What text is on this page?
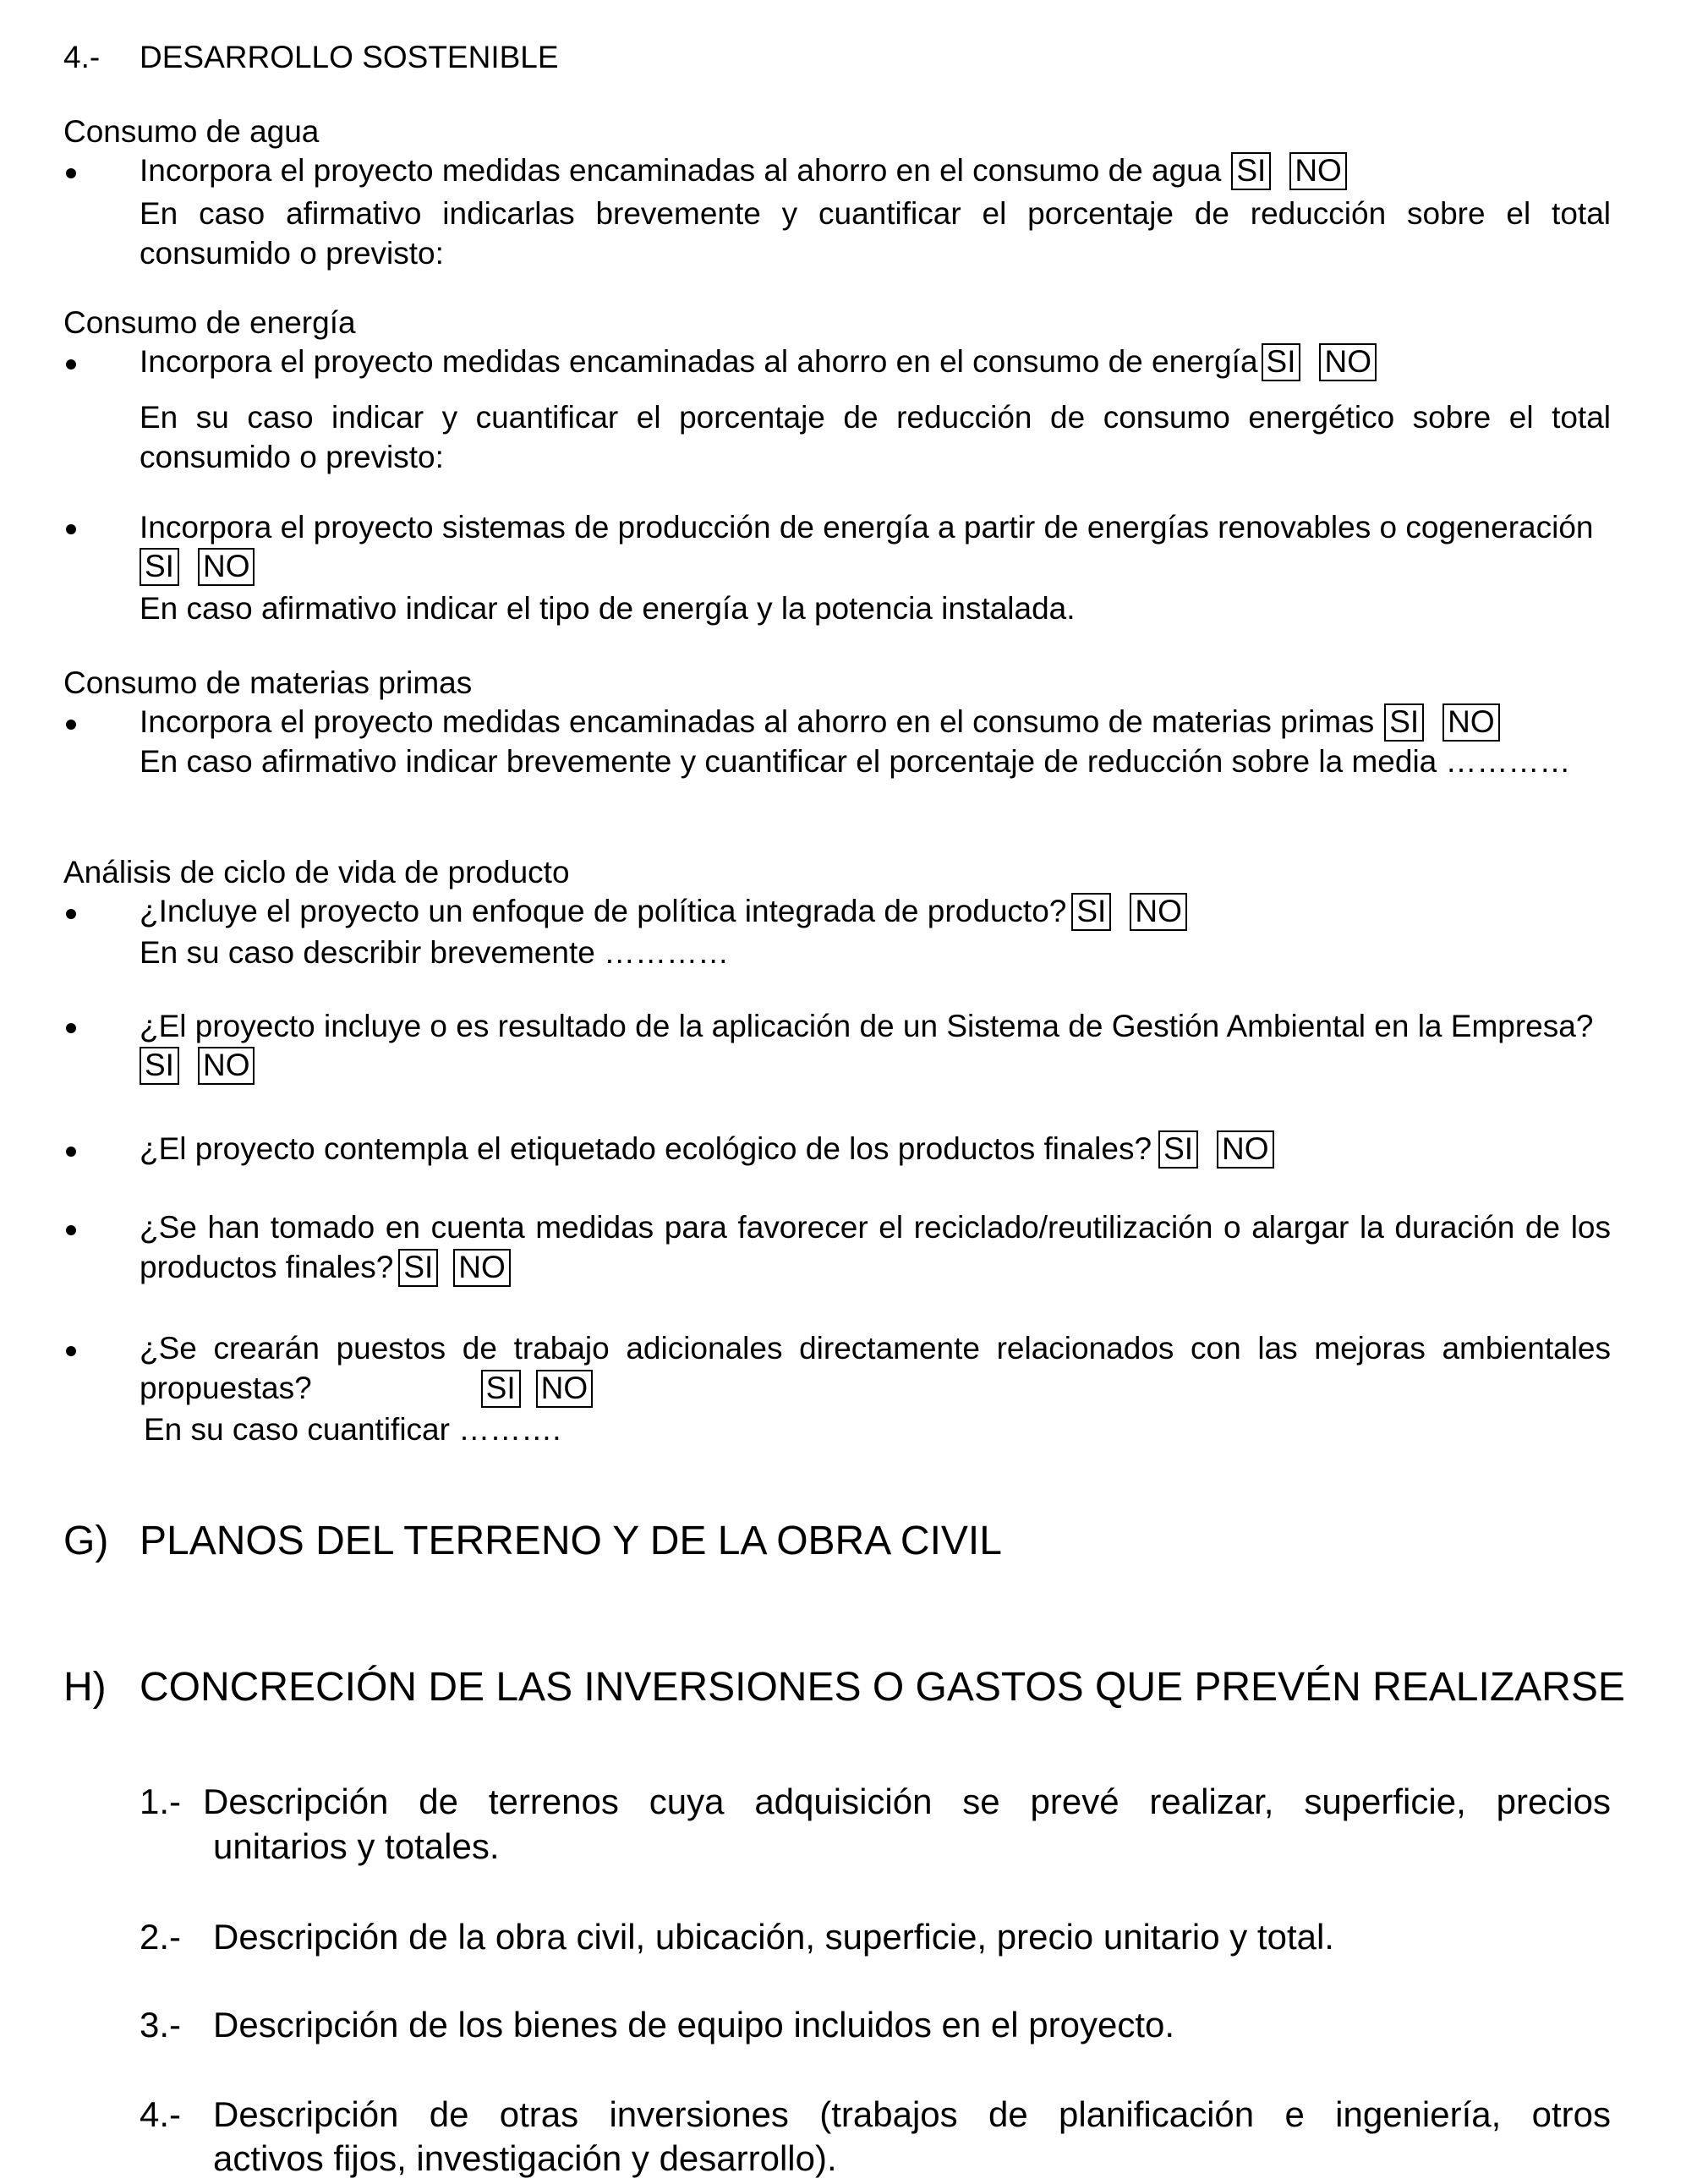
4.- DESARROLLO SOSTENIBLE
Consumo de agua
Incorpora el proyecto medidas encaminadas al ahorro en el consumo de agua SI NO
En caso afirmativo indicarlas brevemente y cuantificar el porcentaje de reducción sobre el total
consumido o previsto:
Consumo de energía
Incorpora el proyecto medidas encaminadas al ahorro en el consumo de energía SI NO
En su caso indicar y cuantificar el porcentaje de reducción de consumo energético sobre el total
consumido o previsto:
Incorpora el proyecto sistemas de producción de energía a partir de energías renovables o cogeneración
SI NO
En caso afirmativo indicar el tipo de energía y la potencia instalada.
Consumo de materias primas
Incorpora el proyecto medidas encaminadas al ahorro en el consumo de materias primas SI NO
En caso afirmativo indicar brevemente y cuantificar el porcentaje de reducción sobre la media …………
Análisis de ciclo de vida de producto
¿Incluye el proyecto un enfoque de política integrada de producto? SI NO
En su caso describir brevemente …………
¿El proyecto incluye o es resultado de la aplicación de un Sistema de Gestión Ambiental en la Empresa?
SI NO
¿El proyecto contempla el etiquetado ecológico de los productos finales? SI NO
¿Se han tomado en cuenta medidas para favorecer el reciclado/reutilización o alargar la duración de los
productos finales? SI NO
¿Se crearán puestos de trabajo adicionales directamente relacionados con las mejoras ambientales
propuestas?	SI NO
En su caso cuantificar ……….
G) PLANOS DEL TERRENO Y DE LA OBRA CIVIL
H) CONCRECIÓN DE LAS INVERSIONES O GASTOS QUE PREVÉN REALIZARSE
1.- Descripción de terrenos cuya adquisición se prevé realizar, superficie, precios
unitarios y totales.
2.- Descripción de la obra civil, ubicación, superficie, precio unitario y total.
3.- Descripción de los bienes de equipo incluidos en el proyecto.
4.- Descripción de otras inversiones (trabajos de planificación e ingeniería, otros
activos fijos, investigación y desarrollo).
